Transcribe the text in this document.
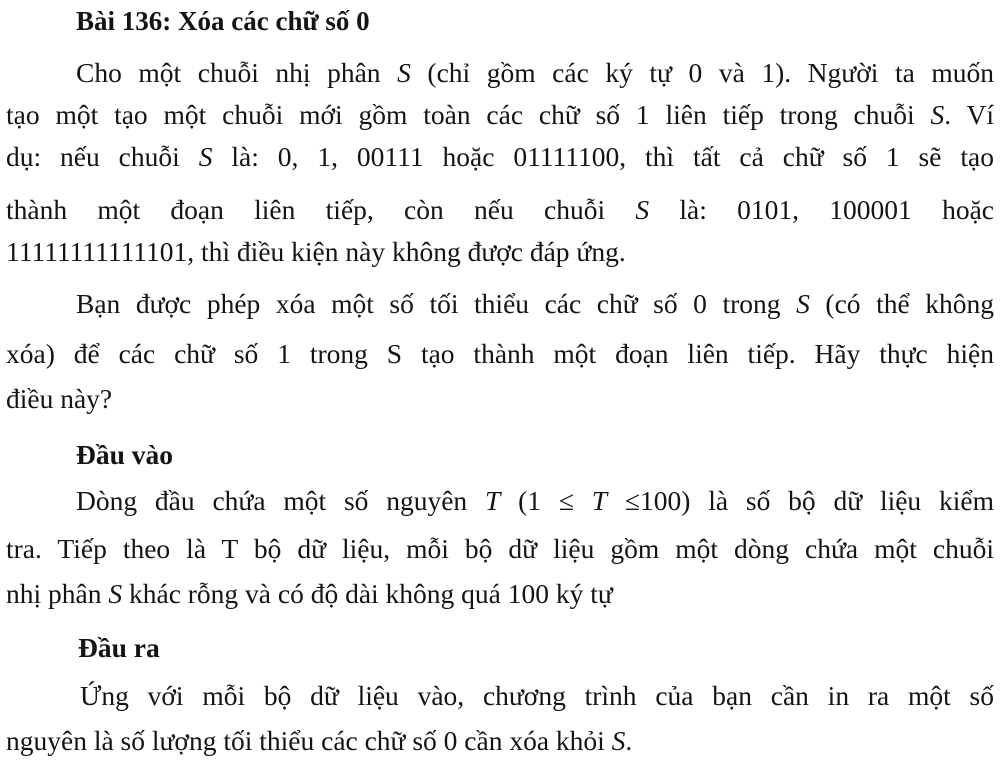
Bài 136: Xóa các chữ số 0
Cho một chuỗi nhị phân S (chỉ gồm các ký tự 0 và 1). Người ta muốn
tạo một tạo một chuỗi mới gồm toàn các chữ số 1 liên tiếp trong chuỗi S. Ví
dụ: nếu chuỗi S là: 0, 1, 00111 hoặc 01111100, thì tất cả chữ số 1 sẽ tạo
thành một đoạn liên tiếp, còn nếu chuỗi S là: 0101, 100001 hoặc
11111111111101, thì điều kiện này không được đáp ứng.
Bạn được phép xóa một số tối thiểu các chữ số 0 trong S (có thể không
xóa) để các chữ số 1 trong S tạo thành một đoạn liên tiếp. Hãy thực hiện
điều này?
Đầu vào
Dòng đầu chứa một số nguyên T (1 ≤ T ≤100) là số bộ dữ liệu kiểm
tra. Tiếp theo là T bộ dữ liệu, mỗi bộ dữ liệu gồm một dòng chứa một chuỗi
nhị phân S khác rỗng và có độ dài không quá 100 ký tự
Đầu ra
Ứng với mỗi bộ dữ liệu vào, chương trình của bạn cần in ra một số
nguyên là số lượng tối thiểu các chữ số 0 cần xóa khỏi S.
